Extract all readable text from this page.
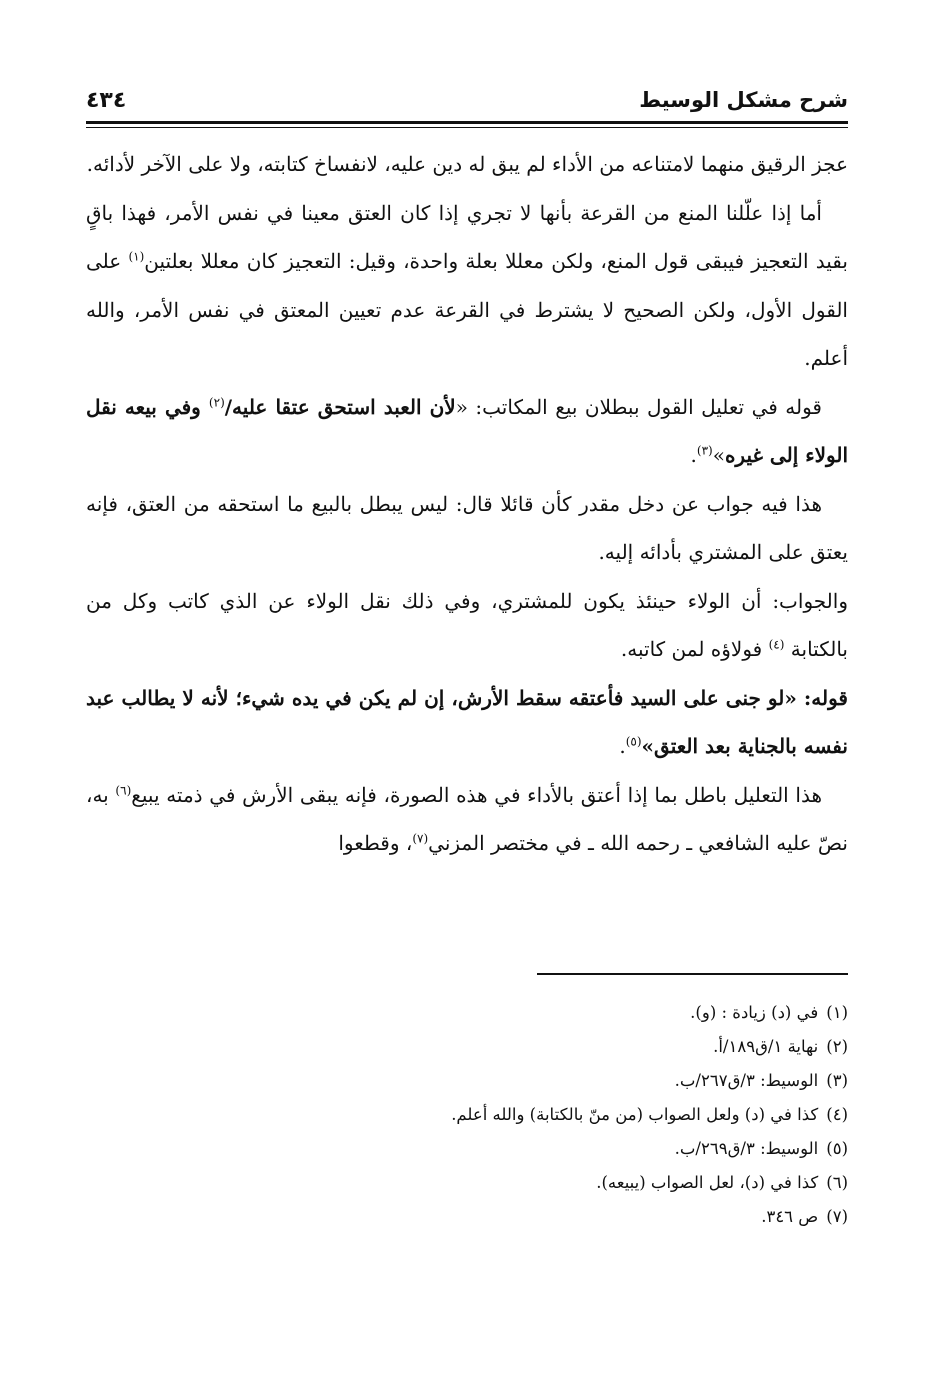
شرح مشكل الوسيط
٤٣٤

عجز الرقيق منهما لامتناعه من الأداء لم يبق له دين عليه، لانفساخ كتابته، ولا على الآخر لأدائه.

أما إذا علّلنا المنع من القرعة بأنها لا تجري إذا كان العتق معينا في نفس الأمر، فهذا باقٍ بقيد التعجيز فيبقى قول المنع، ولكن معللا بعلة واحدة، وقيل: التعجيز كان معللا بعلتين$^{(١)}$ على القول الأول، ولكن الصحيح لا يشترط في القرعة عدم تعيين المعتق في نفس الأمر، والله أعلم.

قوله في تعليل القول ببطلان بيع المكاتب: «لأن العبد استحق عتقا عليه/$^{(٢)}$ وفي بيعه نقل الولاء إلى غيره»$^{(٣)}$.

هذا فيه جواب عن دخل مقدر كأن قائلا قال: ليس يبطل بالبيع ما استحقه من العتق، فإنه يعتق على المشتري بأدائه إليه.

والجواب: أن الولاء حينئذ يكون للمشتري، وفي ذلك نقل الولاء عن الذي كاتب وكل من بالكتابة $^{(٤)}$ فولاؤه لمن كاتبه.

قوله: «لو جنى على السيد فأعتقه سقط الأرش، إن لم يكن في يده شيء؛ لأنه لا يطالب عبد نفسه بالجناية بعد العتق»$^{(٥)}$.

هذا التعليل باطل بما إذا أعتق بالأداء في هذه الصورة، فإنه يبقى الأرش في ذمته يبيع$^{(٦)}$ به، نصّ عليه الشافعي ـ رحمه الله ـ في مختصر المزني$^{(٧)}$، وقطعوا

(١)في (د) زيادة : (و).
(٢)نهاية ١/ق١٨٩/أ.
(٣)الوسيط: ٣/ق٢٦٧/ب.
(٤)كذا في (د) ولعل الصواب (من منّ بالكتابة) والله أعلم.
(٥)الوسيط: ٣/ق٢٦٩/ب.
(٦)كذا في (د)، لعل الصواب (يبيعه).
(٧)ص ٣٤٦.
